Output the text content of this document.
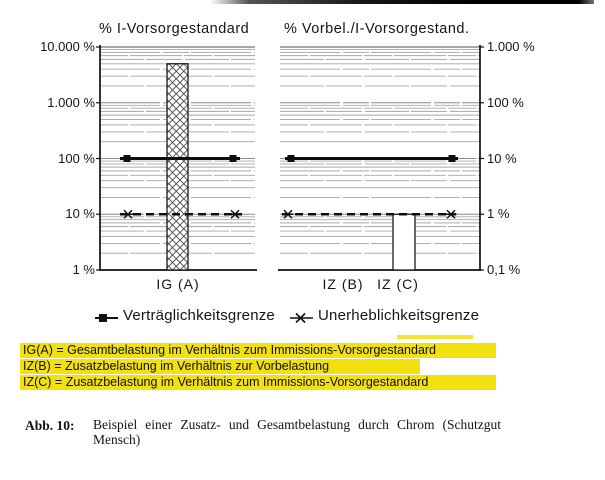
% I-Vorsorgestandard % Vorbel./I-Vorsorgestand.
10.000 %
1.000 %
100 %
10 %
1 %
IG (A)
1.000 %
100 %
10 %
1 %
0,1 %
IZ (B) IZ (C)
Verträglichkeitsgrenze	Unerheblichkeitsgrenze
IG(A) = Gesamtbelastung im Verhältnis zum Immissions-Vorsorgestandard
IZ(B) = Zusatzbelastung im Verhältnis zur Vorbelastung
IZ(C) = Zusatzbelastung im Verhältnis zum Immissions-Vorsorgestandard
Abb. 10: Beispiel einer Zusatz- und Gesamtbelastung durch Chrom (Schutzgut
Mensch)
